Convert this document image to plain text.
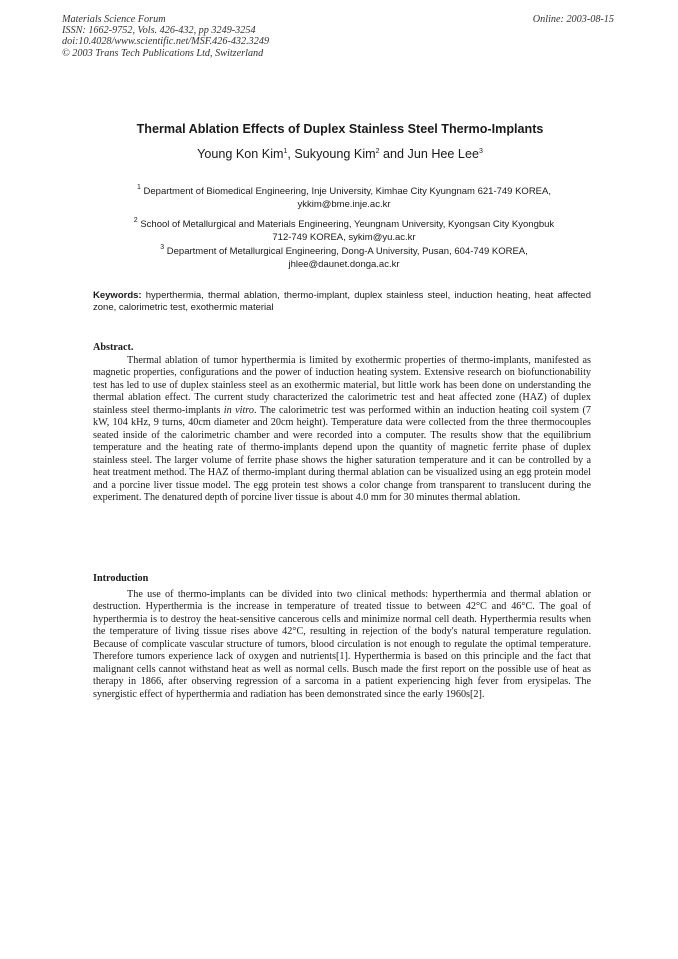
Materials Science Forum
ISSN: 1662-9752, Vols. 426-432, pp 3249-3254
doi:10.4028/www.scientific.net/MSF.426-432.3249
© 2003 Trans Tech Publications Ltd, Switzerland
Online: 2003-08-15
Thermal Ablation Effects of Duplex Stainless Steel Thermo-Implants
Young Kon Kim$^1$, Sukyoung Kim$^2$ and Jun Hee Lee$^3$
$^1$ Department of Biomedical Engineering, Inje University, Kimhae City Kyungnam 621-749 KOREA,
ykkim@bme.inje.ac.kr
$^2$ School of Metallurgical and Materials Engineering, Yeungnam University, Kyongsan City Kyongbuk
712-749 KOREA, sykim@yu.ac.kr
$^3$ Department of Metallurgical Engineering, Dong-A University, Pusan, 604-749 KOREA,
jhlee@daunet.donga.ac.kr
Keywords: hyperthermia, thermal ablation, thermo-implant, duplex stainless steel, induction heating, heat affected zone, calorimetric test, exothermic material
Abstract.
Thermal ablation of tumor hyperthermia is limited by exothermic properties of thermo-implants, manifested as magnetic properties, configurations and the power of induction heating system. Extensive research on biofunctionability test has led to use of duplex stainless steel as an exothermic material, but little work has been done on understanding the thermal ablation effect. The current study characterized the calorimetric test and heat affected zone (HAZ) of duplex stainless steel thermo-implants in vitro. The calorimetric test was performed within an induction heating coil system (7 kW, 104 kHz, 9 turns, 40cm diameter and 20cm height). Temperature data were collected from the three thermocouples seated inside of the calorimetric chamber and were recorded into a computer. The results show that the equilibrium temperature and the heating rate of thermo-implants depend upon the quantity of magnetic ferrite phase of duplex stainless steel. The larger volume of ferrite phase shows the higher saturation temperature and it can be controlled by a heat treatment method. The HAZ of thermo-implant during thermal ablation can be visualized using an egg protein model and a porcine liver tissue model. The egg protein test shows a color change from transparent to translucent during the experiment. The denatured depth of porcine liver tissue is about 4.0 mm for 30 minutes thermal ablation.
Introduction
The use of thermo-implants can be divided into two clinical methods: hyperthermia and thermal ablation or destruction. Hyperthermia is the increase in temperature of treated tissue to between 42°C and 46°C. The goal of hyperthermia is to destroy the heat-sensitive cancerous cells and minimize normal cell death. Hyperthermia results when the temperature of living tissue rises above 42°C, resulting in rejection of the body's natural temperature regulation. Because of complicate vascular structure of tumors, blood circulation is not enough to regulate the optimal temperature. Therefore tumors experience lack of oxygen and nutrients[1]. Hyperthermia is based on this principle and the fact that malignant cells cannot withstand heat as well as normal cells. Busch made the first report on the possible use of heat as therapy in 1866, after observing regression of a sarcoma in a patient experiencing high fever from erysipelas. The synergistic effect of hyperthermia and radiation has been demonstrated since the early 1960s[2].
